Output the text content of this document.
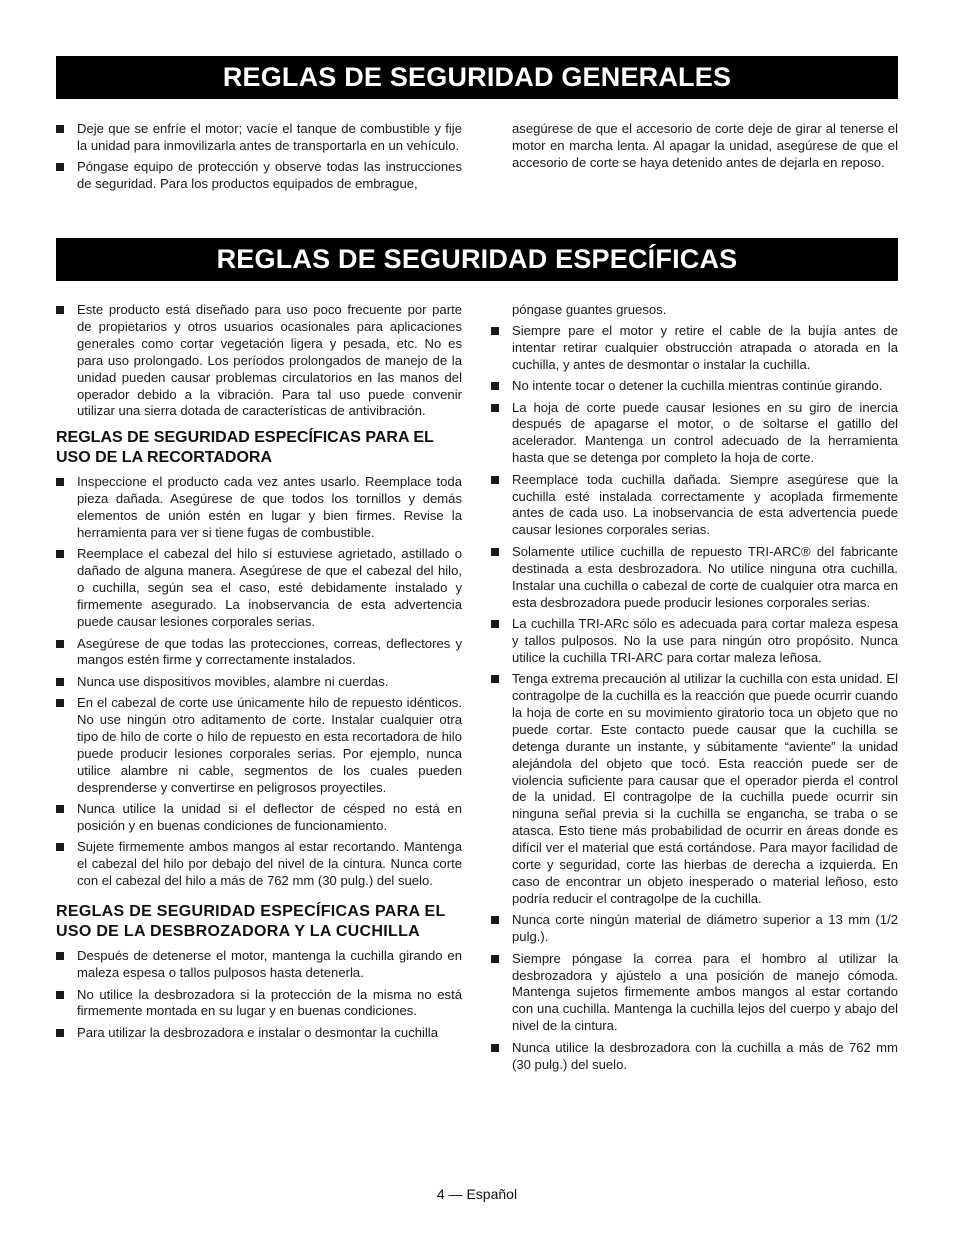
REGLAS DE SEGURIDAD GENERALES
Deje que se enfríe el motor; vacíe el tanque de combustible y fije la unidad para inmovilizarla antes de transportarla en un vehículo.
Póngase equipo de protección y observe todas las instrucciones de seguridad. Para los productos equipados de embrague,

asegúrese de que el accesorio de corte deje de girar al tenerse el motor en marcha lenta. Al apagar la unidad, asegúrese de que el accesorio de corte se haya detenido antes de dejarla en reposo.

REGLAS DE SEGURIDAD ESPECÍFICAS
Este producto está diseñado para uso poco frecuente por parte de propietarios y otros usuarios ocasionales para aplicaciones generales como cortar vegetación ligera y pesada, etc. No es para uso prolongado. Los períodos prolongados de manejo de la unidad pueden causar problemas circulatorios en las manos del operador debido a la vibración. Para tal uso puede convenir utilizar una sierra dotada de características de antivibración.
REGLAS DE SEGURIDAD ESPECÍFICAS PARA EL USO DE LA RECORTADORA
Inspeccione el producto cada vez antes usarlo. Reemplace toda pieza dañada. Asegúrese de que todos los tornillos y demás elementos de unión estén en lugar y bien firmes. Revise la herramienta para ver si tiene fugas de combustible.
Reemplace el cabezal del hilo si estuviese agrietado, astillado o dañado de alguna manera. Asegúrese de que el cabezal del hilo, o cuchilla, según sea el caso, esté debidamente instalado y firmemente asegurado. La inobservancia de esta advertencia puede causar lesiones corporales serias.
Asegúrese de que todas las protecciones, correas, deflectores y mangos estén firme y correctamente instalados.
Nunca use dispositivos movibles, alambre ni cuerdas.
En el cabezal de corte use únicamente hilo de repuesto idénticos. No use ningún otro aditamento de corte. Instalar cualquier otra tipo de hilo de corte o hilo de repuesto en esta recortadora de hilo puede producir lesiones corporales serias. Por ejemplo, nunca utilice alambre ni cable, segmentos de los cuales pueden desprenderse y convertirse en peligrosos proyectiles.
Nunca utilice la unidad si el deflector de césped no está en posición y en buenas condiciones de funcionamiento.
Sujete firmemente ambos mangos al estar recortando. Mantenga el cabezal del hilo por debajo del nivel de la cintura. Nunca corte con el cabezal del hilo a más de 762 mm (30 pulg.) del suelo.
REGLAS DE SEGURIDAD ESPECÍFICAS PARA EL USO DE LA DESBROZADORA Y LA CUCHILLA
Después de detenerse el motor, mantenga la cuchilla girando en maleza espesa o tallos pulposos hasta detenerla.
No utilice la desbrozadora si la protección de la misma no está firmemente montada en su lugar y en buenas condiciones.
Para utilizar la desbrozadora e instalar o desmontar la cuchilla

póngase guantes gruesos.

Siempre pare el motor y retire el cable de la bujía antes de intentar retirar cualquier obstrucción atrapada o atorada en la cuchilla, y antes de desmontar o instalar la cuchilla.
No intente tocar o detener la cuchilla mientras continúe girando.
La hoja de corte puede causar lesiones en su giro de inercia después de apagarse el motor, o de soltarse el gatillo del acelerador. Mantenga un control adecuado de la herramienta hasta que se detenga por completo la hoja de corte.
Reemplace toda cuchilla dañada. Siempre asegúrese que la cuchilla esté instalada correctamente y acoplada firmemente antes de cada uso. La inobservancia de esta advertencia puede causar lesiones corporales serias.
Solamente utilice cuchilla de repuesto TRI-ARC® del fabricante destinada a esta desbrozadora. No utilice ninguna otra cuchilla. Instalar una cuchilla o cabezal de corte de cualquier otra marca en esta desbrozadora puede producir lesiones corporales serias.
La cuchilla TRI-ARc sólo es adecuada para cortar maleza espesa y tallos pulposos. No la use para ningún otro propósito. Nunca utilice la cuchilla TRI-ARC para cortar maleza leñosa.
Tenga extrema precaución al utilizar la cuchilla con esta unidad. El contragolpe de la cuchilla es la reacción que puede ocurrir cuando la hoja de corte en su movimiento giratorio toca un objeto que no puede cortar. Este contacto puede causar que la cuchilla se detenga durante un instante, y súbitamente “aviente” la unidad alejándola del objeto que tocó. Esta reacción puede ser de violencia suficiente para causar que el operador pierda el control de la unidad. El contragolpe de la cuchilla puede ocurrir sin ninguna señal previa si la cuchilla se engancha, se traba o se atasca. Esto tiene más probabilidad de ocurrir en áreas donde es difícil ver el material que está cortándose. Para mayor facilidad de corte y seguridad, corte las hierbas de derecha a izquierda. En caso de encontrar un objeto inesperado o material leñoso, esto podría reducir el contragolpe de la cuchilla.
Nunca corte ningún material de diámetro superior a 13 mm (1/2 pulg.).
Siempre póngase la correa para el hombro al utilizar la desbrozadora y ajústelo a una posición de manejo cómoda. Mantenga sujetos firmemente ambos mangos al estar cortando con una cuchilla. Mantenga la cuchilla lejos del cuerpo y abajo del nivel de la cintura.
Nunca utilice la desbrozadora con la cuchilla a más de 762 mm (30 pulg.) del suelo.
4 — Español
